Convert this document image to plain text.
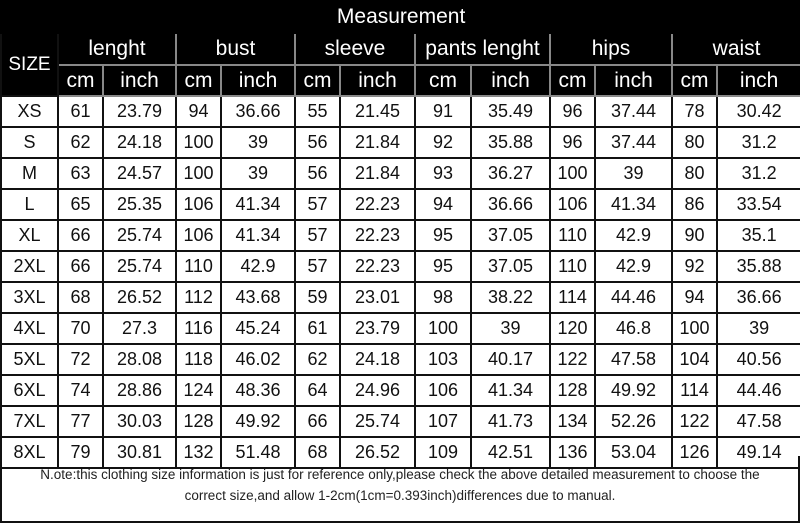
Measurement												
SIZE	lenght		bust		sleeve		pants lenght		hips		waist	
	cm	inch	cm	inch	cm	inch	cm	inch	cm	inch	cm	inch
XS	61	23.79	94	36.66	55	21.45	91	35.49	96	37.44	78	30.42
S	62	24.18	100	39	56	21.84	92	35.88	96	37.44	80	31.2
M	63	24.57	100	39	56	21.84	93	36.27	100	39	80	31.2
L	65	25.35	106	41.34	57	22.23	94	36.66	106	41.34	86	33.54
XL	66	25.74	106	41.34	57	22.23	95	37.05	110	42.9	90	35.1
2XL	66	25.74	110	42.9	57	22.23	95	37.05	110	42.9	92	35.88
3XL	68	26.52	112	43.68	59	23.01	98	38.22	114	44.46	94	36.66
4XL	70	27.3	116	45.24	61	23.79	100	39	120	46.8	100	39
5XL	72	28.08	118	46.02	62	24.18	103	40.17	122	47.58	104	40.56
6XL	74	28.86	124	48.36	64	24.96	106	41.34	128	49.92	114	44.46
7XL	77	30.03	128	49.92	66	25.74	107	41.73	134	52.26	122	47.58
8XL	79	30.81	132	51.48	68	26.52	109	42.51	136	53.04	126	49.14
N.ote:this clothing size information is just for reference only,please check the above detailed measurement to choose the correct size,and allow 1-2cm(1cm=0.393inch)differences due to manual.
